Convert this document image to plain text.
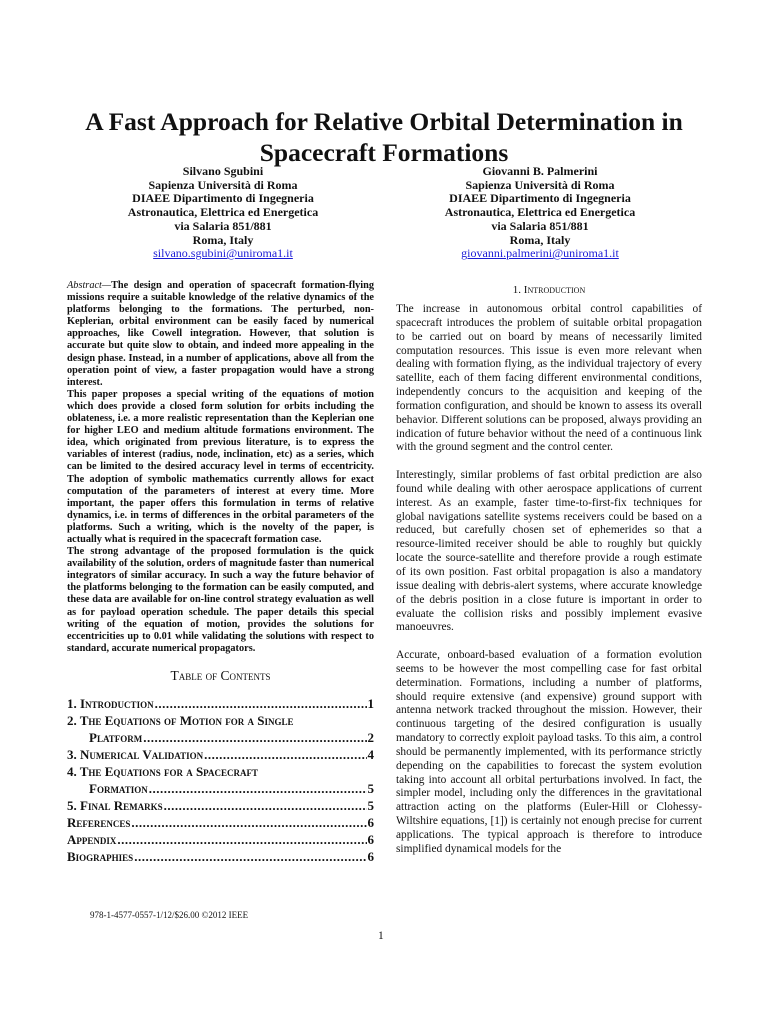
A Fast Approach for Relative Orbital Determination in Spacecraft Formations
Silvano Sgubini
Sapienza Università di Roma
DIAEE Dipartimento di Ingegneria
Astronautica, Elettrica ed Energetica
via Salaria 851/881
Roma, Italy
silvano.sgubini@uniroma1.it
Giovanni B. Palmerini
Sapienza Università di Roma
DIAEE Dipartimento di Ingegneria
Astronautica, Elettrica ed Energetica
via Salaria 851/881
Roma, Italy
giovanni.palmerini@uniroma1.it

Abstract—The design and operation of spacecraft formation-flying missions require a suitable knowledge of the relative dynamics of the platforms belonging to the formations. The perturbed, non-Keplerian, orbital environment can be easily faced by numerical approaches, like Cowell integration. However, that solution is accurate but quite slow to obtain, and indeed more appealing in the design phase. Instead, in a number of applications, above all from the operation point of view, a faster propagation would have a strong interest.

This paper proposes a special writing of the equations of motion which does provide a closed form solution for orbits including the oblateness, i.e. a more realistic representation than the Keplerian one for higher LEO and medium altitude formations environment. The idea, which originated from previous literature, is to express the variables of interest (radius, node, inclination, etc) as a series, which can be limited to the desired accuracy level in terms of eccentricity. The adoption of symbolic mathematics currently allows for exact computation of the parameters of interest at every time. More important, the paper offers this formulation in terms of relative dynamics, i.e. in terms of differences in the orbital parameters of the platforms. Such a writing, which is the novelty of the paper, is actually what is required in the spacecraft formation case.

The strong advantage of the proposed formulation is the quick availability of the solution, orders of magnitude faster than numerical integrators of similar accuracy. In such a way the future behavior of the platforms belonging to the formation can be easily computed, and these data are available for on-line control strategy evaluation as well as for payload operation schedule. The paper details this special writing of the equation of motion, provides the solutions for eccentricities up to 0.01 while validating the solutions with respect to standard, accurate numerical propagators.

Table of Contents
1. Introduction .....	1
2. The Equations of Motion for a Single
Platform .....	2
3. Numerical Validation .....	4
4. The Equations for a Spacecraft
Formation .....	5
5. Final Remarks .....	5
References .....	6
Appendix .....	6
Biographies .....	6
1. Introduction

The increase in autonomous orbital control capabilities of spacecraft introduces the problem of suitable orbital propagation to be carried out on board by means of necessarily limited computation resources. This issue is even more relevant when dealing with formation flying, as the individual trajectory of every satellite, each of them facing different environmental conditions, independently concurs to the acquisition and keeping of the formation configuration, and should be known to assess its overall behavior. Different solutions can be proposed, always providing an indication of future behavior without the need of a continuous link with the ground segment and the control center.

Interestingly, similar problems of fast orbital prediction are also found while dealing with other aerospace applications of current interest. As an example, faster time-to-first-fix techniques for global navigations satellite systems receivers could be based on a reduced, but carefully chosen set of ephemerides so that a resource-limited receiver should be able to roughly but quickly locate the source-satellite and therefore provide a rough estimate of its own position. Fast orbital propagation is also a mandatory issue dealing with debris-alert systems, where accurate knowledge of the debris position in a close future is important in order to evaluate the collision risks and possibly implement evasive manoeuvres.

Accurate, onboard-based evaluation of a formation evolution seems to be however the most compelling case for fast orbital determination. Formations, including a number of platforms, should require extensive (and expensive) ground support with antenna network tracked throughout the mission. However, their continuous targeting of the desired configuration is usually mandatory to correctly exploit payload tasks. To this aim, a control should be permanently implemented, with its performance strictly depending on the capabilities to forecast the system evolution taking into account all orbital perturbations involved. In fact, the simpler model, including only the differences in the gravitational attraction acting on the platforms (Euler-Hill or Clohessy-Wiltshire equations, [1]) is certainly not enough precise for current applications. The typical approach is therefore to introduce simplified dynamical models for the

978-1-4577-0557-1/12/$26.00 ©2012 IEEE
1
